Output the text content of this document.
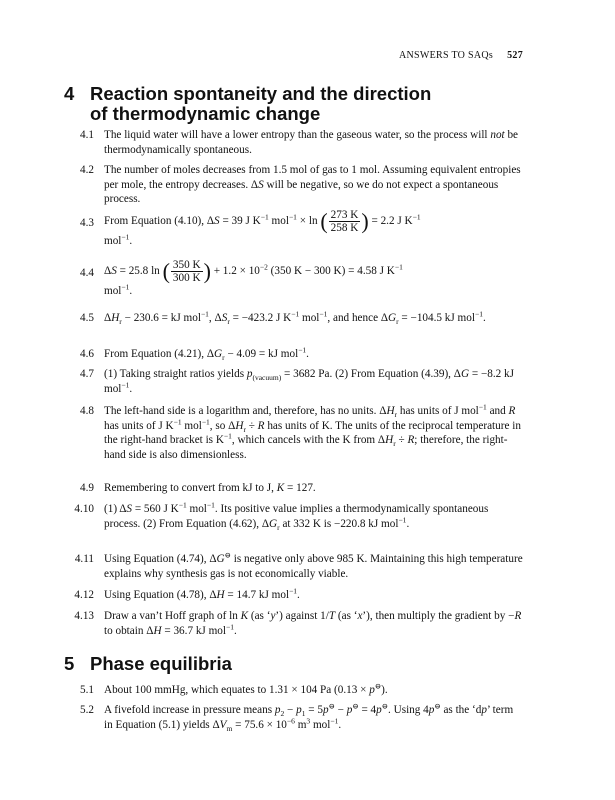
ANSWERS TO SAQs 527
4 Reaction spontaneity and the direction
of thermodynamic change
4.1 The liquid water will have a lower entropy than the gaseous water, so the process will not be thermodynamically spontaneous.
4.2 The number of moles decreases from 1.5 mol of gas to 1 mol. Assuming equivalent entropies per mole, the entropy decreases. ΔS will be negative, so we do not expect a spontaneous process.
4.3 From Equation (4.10), ΔS = 39 J $K^{-1}$ mol$^{-1}$ × ln ( $\frac{273 K}{258 K}$ ) = 2.2 J $K^{-1}$
mol$^{-1}$.
4.4 ΔS = 25.8 ln ( $\frac{350 K}{300 K}$ ) + $1.2 \times 10^{-2}$ (350 K − 300 K) = 4.58 J $K^{-1}$
mol$^{-1}$.
4.5 $\Delta H_r - 230.6$ = kJ mol$^{-1}$, $\Delta S_r = -423.2$ J $K^{-1}$ mol$^{-1}$, and hence $\Delta G_r = -104.5$ kJ mol$^{-1}$.
4.6 From Equation (4.21), $\Delta G_r - 4.09$ = kJ mol$^{-1}$.
4.7 (1) Taking straight ratios yields $p_{(vacuum)} = 3682$ Pa. (2) From Equation (4.39), ΔG = −8.2 kJ mol$^{-1}$.
4.8 The left-hand side is a logarithm and, therefore, has no units. $\Delta H_r$ has units of J mol$^{-1}$ and R has units of J $K^{-1}$ mol$^{-1}$, so $\Delta H_r \div R$ has units of K. The units of the reciprocal temperature in the right-hand bracket is $K^{-1}$, which cancels with the K from $\Delta H_r \div R$; therefore, the right-hand side is also dimensionless.
4.9 Remembering to convert from kJ to J, K = 127.
4.10 (1) ΔS = 560 J $K^{-1}$ mol$^{-1}$. Its positive value implies a thermodynamically spontaneous process. (2) From Equation (4.62), $\Delta G_r$ at 332 K is −220.8 kJ mol$^{-1}$.
4.11 Using Equation (4.74), ΔG⊖ is negative only above 985 K. Maintaining this high temperature explains why synthesis gas is not economically viable.
4.12 Using Equation (4.78), ΔH = 14.7 kJ mol$^{-1}$.
4.13 Draw a van’t Hoff graph of ln K (as ‘y’) against 1/T (as ‘x’), then multiply the gradient by −R to obtain ΔH = 36.7 kJ mol$^{-1}$.
5 Phase equilibria
5.1 About 100 mmHg, which equates to 1.31 × 104 Pa (0.13 × p⊖).
5.2 A fivefold increase in pressure means $p_2 - p_1 = 5p^⊖ - p^⊖ = 4p^⊖$. Using 4p⊖ as the ‘dp’ term in Equation (5.1) yields $\Delta V_m = 75.6 \times 10^{-6}$ $m^3$ mol$^{-1}$.
